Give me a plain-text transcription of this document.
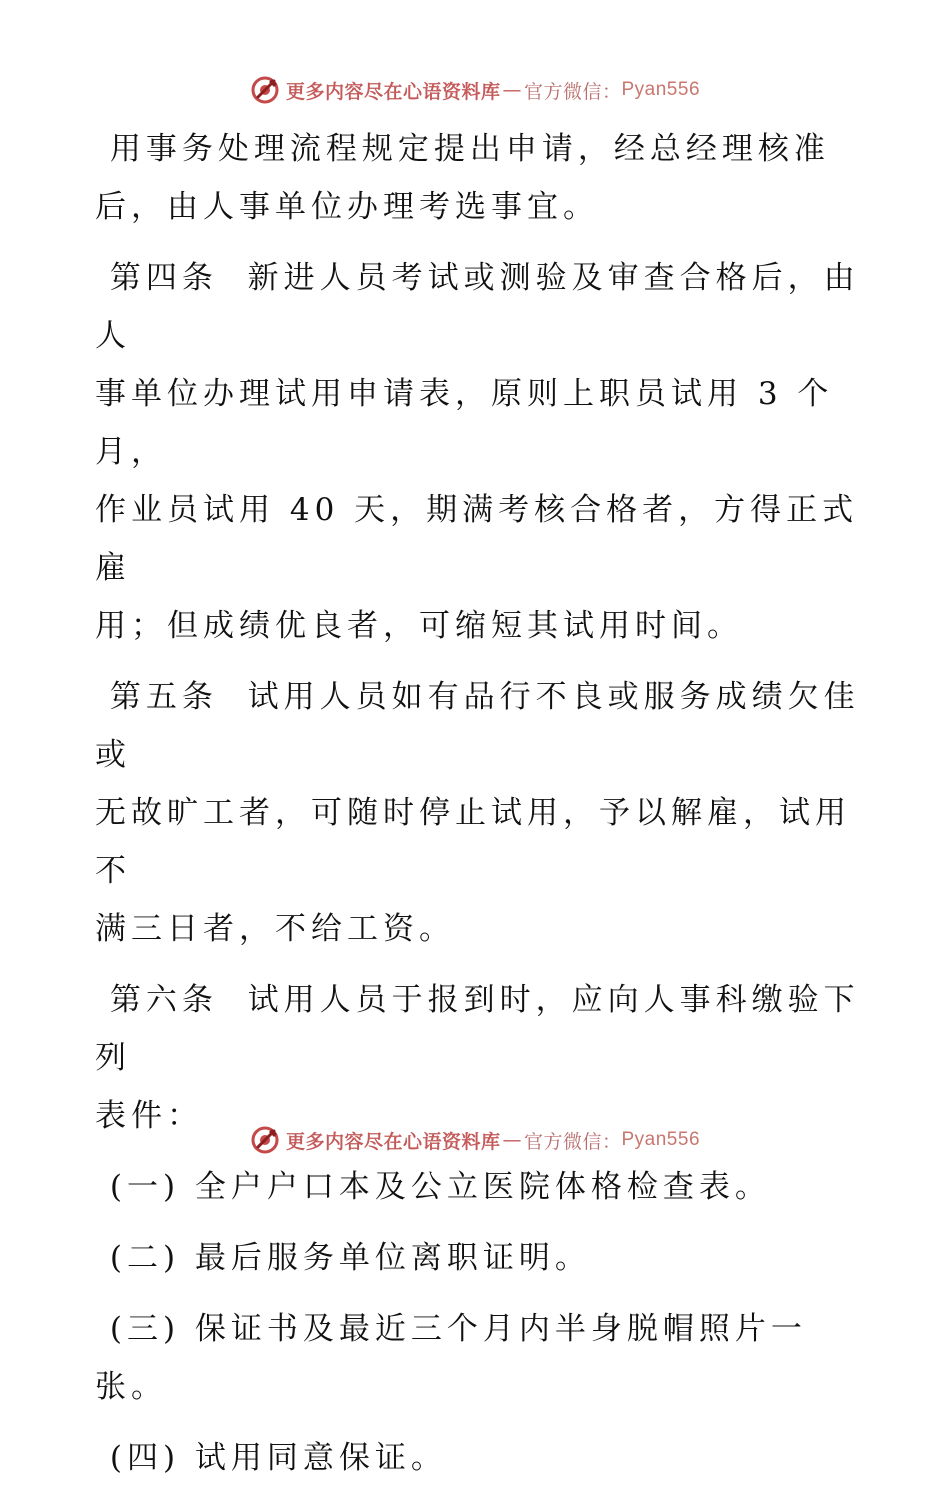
更多内容尽在心语资料库 — 官方微信： Pyan556

用事务处理流程规定提出申请，经总经理核准
后，由人事单位办理考选事宜。

第四条  新进人员考试或测验及审查合格后，由人
事单位办理试用申请表，原则上职员试用 3 个月，
作业员试用 40 天，期满考核合格者，方得正式雇
用；但成绩优良者，可缩短其试用时间。

第五条  试用人员如有品行不良或服务成绩欠佳或
无故旷工者，可随时停止试用，予以解雇，试用不
满三日者，不给工资。

第六条  试用人员于报到时，应向人事科缴验下列
表件：

(一) 全户户口本及公立医院体格检查表。

(二) 最后服务单位离职证明。

(三) 保证书及最近三个月内半身脱帽照片一张。

(四) 试用同意保证。

更多内容尽在心语资料库 — 官方微信： Pyan556
